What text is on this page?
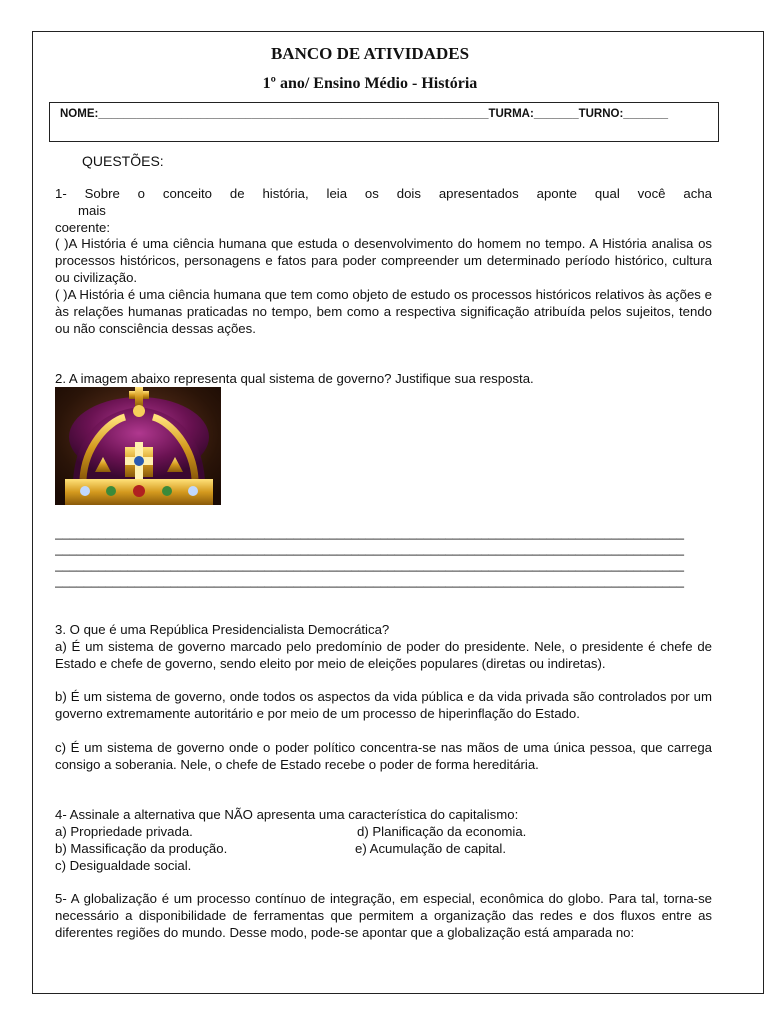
BANCO DE ATIVIDADES
1º ano/ Ensino Médio - História
NOME:_____________________________________________________________TURMA:_______TURNO:_______
QUESTÕES:
1- Sobre o conceito de história, leia os dois apresentados aponte qual você acha
mais
coerente:
( )A História é uma ciência humana que estuda o desenvolvimento do homem no tempo. A História analisa os processos históricos, personagens e fatos para poder compreender um determinado período histórico, cultura ou civilização.
( )A História é uma ciência humana que tem como objeto de estudo os processos históricos relativos às ações e às relações humanas praticadas no tempo, bem como a respectiva significação atribuída pelos sujeitos, tendo ou não consciência dessas ações.
2. A imagem abaixo representa qual sistema de governo? Justifique sua resposta.
_______________________________________________________________________________________
_______________________________________________________________________________________
_______________________________________________________________________________________
_______________________________________________________________________________________
3. O que é uma República Presidencialista Democrática?
a) É um sistema de governo marcado pelo predomínio de poder do presidente. Nele, o presidente é chefe de Estado e chefe de governo, sendo eleito por meio de eleições populares (diretas ou indiretas).
b) É um sistema de governo, onde todos os aspectos da vida pública e da vida privada são controlados por um governo extremamente autoritário e por meio de um processo de hiperinflação do Estado.
c) É um sistema de governo onde o poder político concentra-se nas mãos de uma única pessoa, que carrega consigo a soberania. Nele, o chefe de Estado recebe o poder de forma hereditária.
4- Assinale a alternativa que NÃO apresenta uma característica do capitalismo:
a) Propriedade privada.
b) Massificação da produção.
c) Desigualdade social.
d) Planificação da economia.
e) Acumulação de capital.
5- A globalização é um processo contínuo de integração, em especial, econômica do globo. Para tal, torna-se necessário a disponibilidade de ferramentas que permitem a organização das redes e dos fluxos entre as diferentes regiões do mundo. Desse modo, pode-se apontar que a globalização está amparada no:
